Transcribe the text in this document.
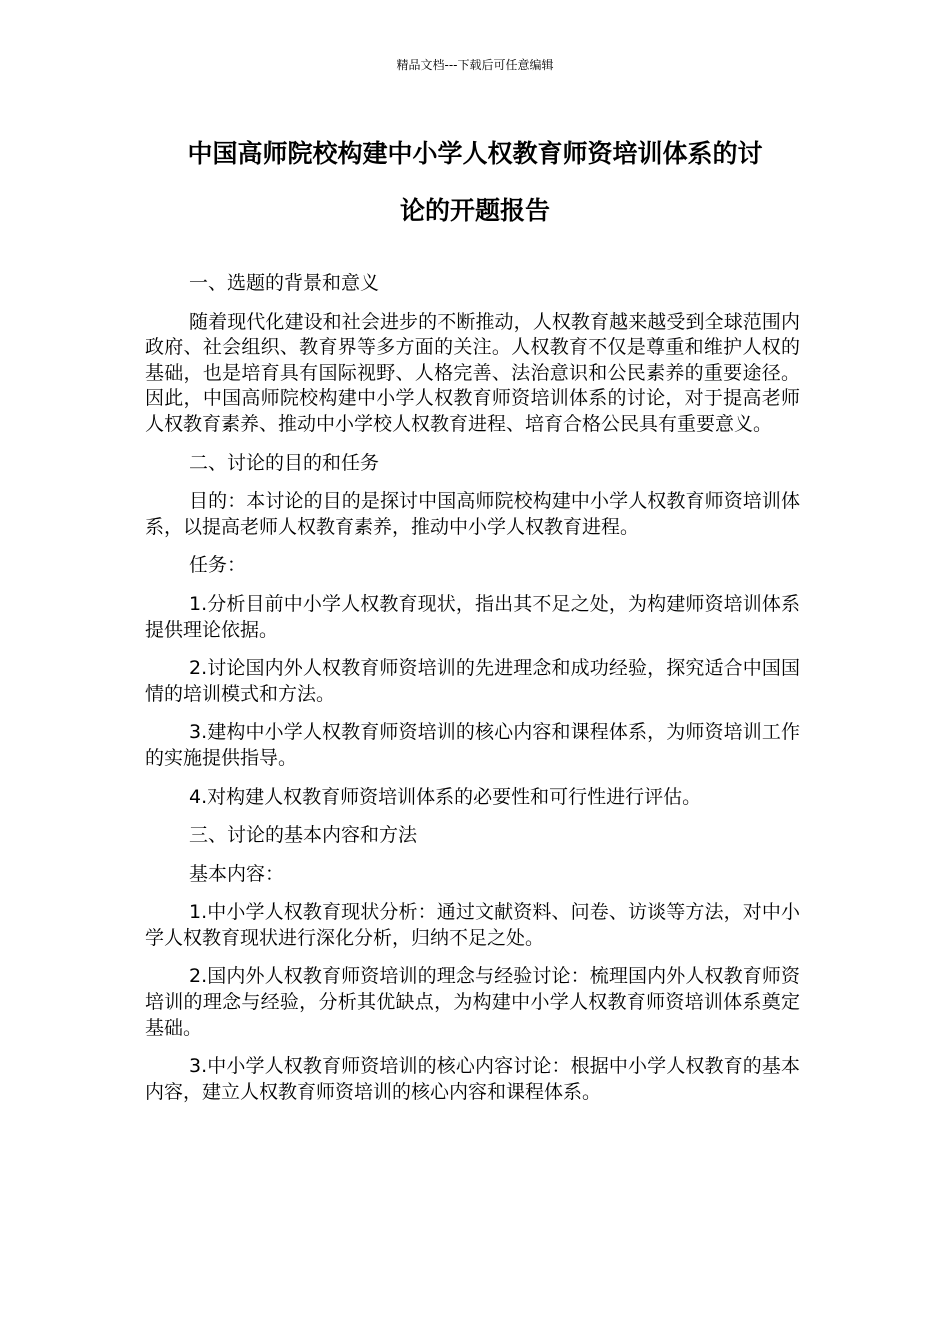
精品文档---下载后可任意编辑
中国高师院校构建中小学人权教育师资培训体系的讨
论的开题报告

一、选题的背景和意义

随着现代化建设和社会进步的不断推动，人权教育越来越受到全球范围内政府、社会组织、教育界等多方面的关注。人权教育不仅是尊重和维护人权的基础，也是培育具有国际视野、人格完善、法治意识和公民素养的重要途径。因此，中国高师院校构建中小学人权教育师资培训体系的讨论，对于提高老师人权教育素养、推动中小学校人权教育进程、培育合格公民具有重要意义。

二、讨论的目的和任务

目的：本讨论的目的是探讨中国高师院校构建中小学人权教育师资培训体系，以提高老师人权教育素养，推动中小学人权教育进程。

任务：

1.分析目前中小学人权教育现状，指出其不足之处，为构建师资培训体系提供理论依据。

2.讨论国内外人权教育师资培训的先进理念和成功经验，探究适合中国国情的培训模式和方法。

3.建构中小学人权教育师资培训的核心内容和课程体系，为师资培训工作的实施提供指导。

4.对构建人权教育师资培训体系的必要性和可行性进行评估。

三、讨论的基本内容和方法

基本内容：

1.中小学人权教育现状分析：通过文献资料、问卷、访谈等方法，对中小学人权教育现状进行深化分析，归纳不足之处。

2.国内外人权教育师资培训的理念与经验讨论：梳理国内外人权教育师资培训的理念与经验，分析其优缺点，为构建中小学人权教育师资培训体系奠定基础。

3.中小学人权教育师资培训的核心内容讨论：根据中小学人权教育的基本内容，建立人权教育师资培训的核心内容和课程体系。
